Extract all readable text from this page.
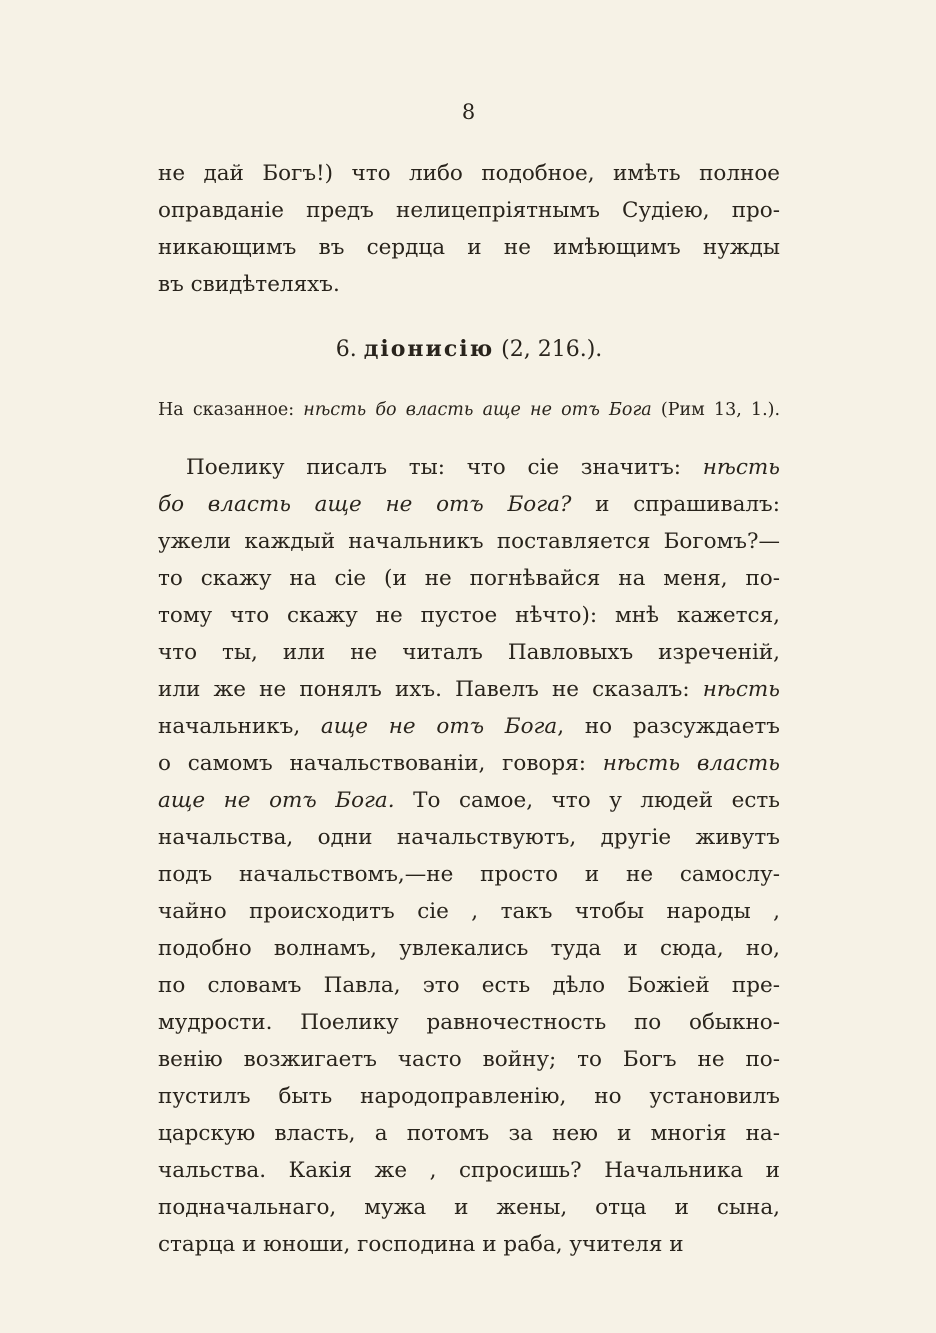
8
не дай Богъ!) что либо подобное, имѣть полное
оправданіе предъ нелицепріятнымъ Судіею, про-
никающимъ въ сердца и не имѣющимъ нужды
въ свидѣтеляхъ.
6. діонисію (2, 216.).
На сказанное: нѣсть бо власть аще не отъ Бога (Рим 13, 1.).
Поелику писалъ ты: что сіе значитъ: нѣсть
бо власть аще не отъ Бога? и спрашивалъ:
ужели каждый начальникъ поставляется Богомъ?—
то скажу на сіе (и не погнѣвайся на меня, по-
тому что скажу не пустое нѣчто): мнѣ кажется,
что ты, или не читалъ Павловыхъ изреченій,
или же не понялъ ихъ. Павелъ не сказалъ: нѣсть
начальникъ, аще не отъ Бога, но разсуждаетъ
о самомъ начальствованіи, говоря: нѣсть власть
аще не отъ Бога. То самое, что у людей есть
начальства, одни начальствуютъ, другіе живутъ
подъ начальствомъ,—не просто и не самослу-
чайно происходитъ сіе , такъ чтобы народы ,
подобно волнамъ, увлекались туда и сюда, но,
по словамъ Павла, это есть дѣло Божіей пре-
мудрости. Поелику равночестность по обыкно-
венію возжигаетъ часто войну; то Богъ не по-
пустилъ быть народоправленію, но установилъ
царскую власть, а потомъ за нею и многія на-
чальства. Какія же , спросишь? Начальника и
подначальнаго, мужа и жены, отца и сына,
старца и юноши, господина и раба, учителя и
